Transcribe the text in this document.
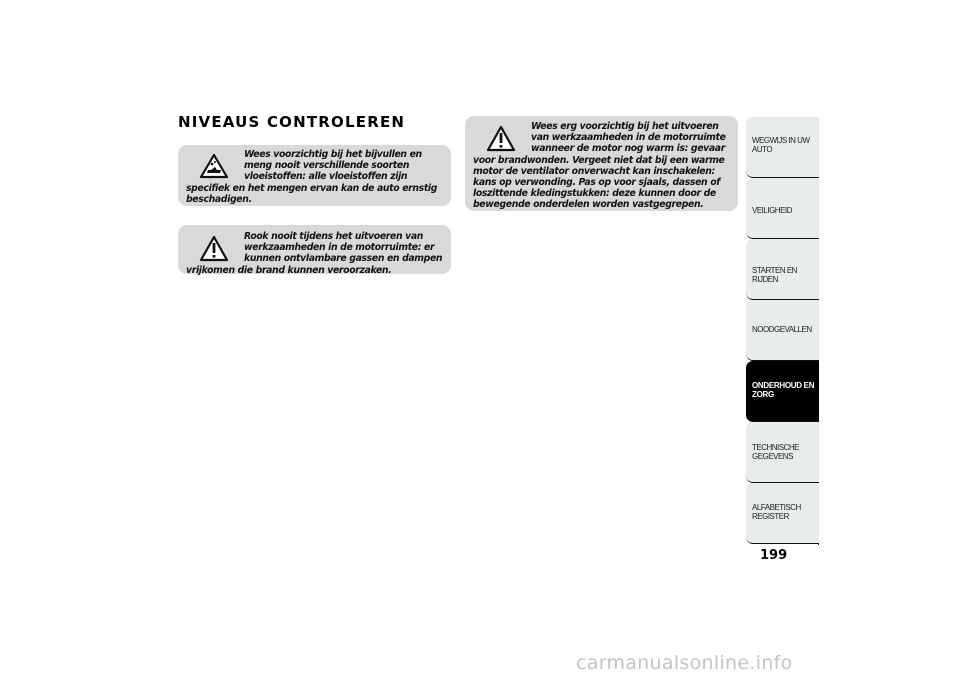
NIVEAUS CONTROLEREN
Wees voorzichtig bij het bijvullen en meng nooit verschillende soorten vloeistoffen: alle vloeistoffen zijn specifiek en het mengen ervan kan de auto ernstig beschadigen.
Rook nooit tijdens het uitvoeren van werkzaamheden in de motorruimte: er kunnen ontvlambare gassen en dampen vrijkomen die brand kunnen veroorzaken.
Wees erg voorzichtig bij het uitvoeren van werkzaamheden in de motorruimte wanneer de motor nog warm is: gevaar voor brandwonden. Vergeet niet dat bij een warme motor de ventilator onverwacht kan inschakelen: kans op verwonding. Pas op voor sjaals, dassen of loszittende kledingstukken: deze kunnen door de bewegende onderdelen worden vastgegrepen.
WEGWIJS IN UW AUTO
VEILIGHEID
STARTEN EN RIJDEN
NOODGEVALLEN
ONDERHOUD EN ZORG
TECHNISCHE GEGEVENS
ALFABETISCH REGISTER
199
carmanualsonline.info
